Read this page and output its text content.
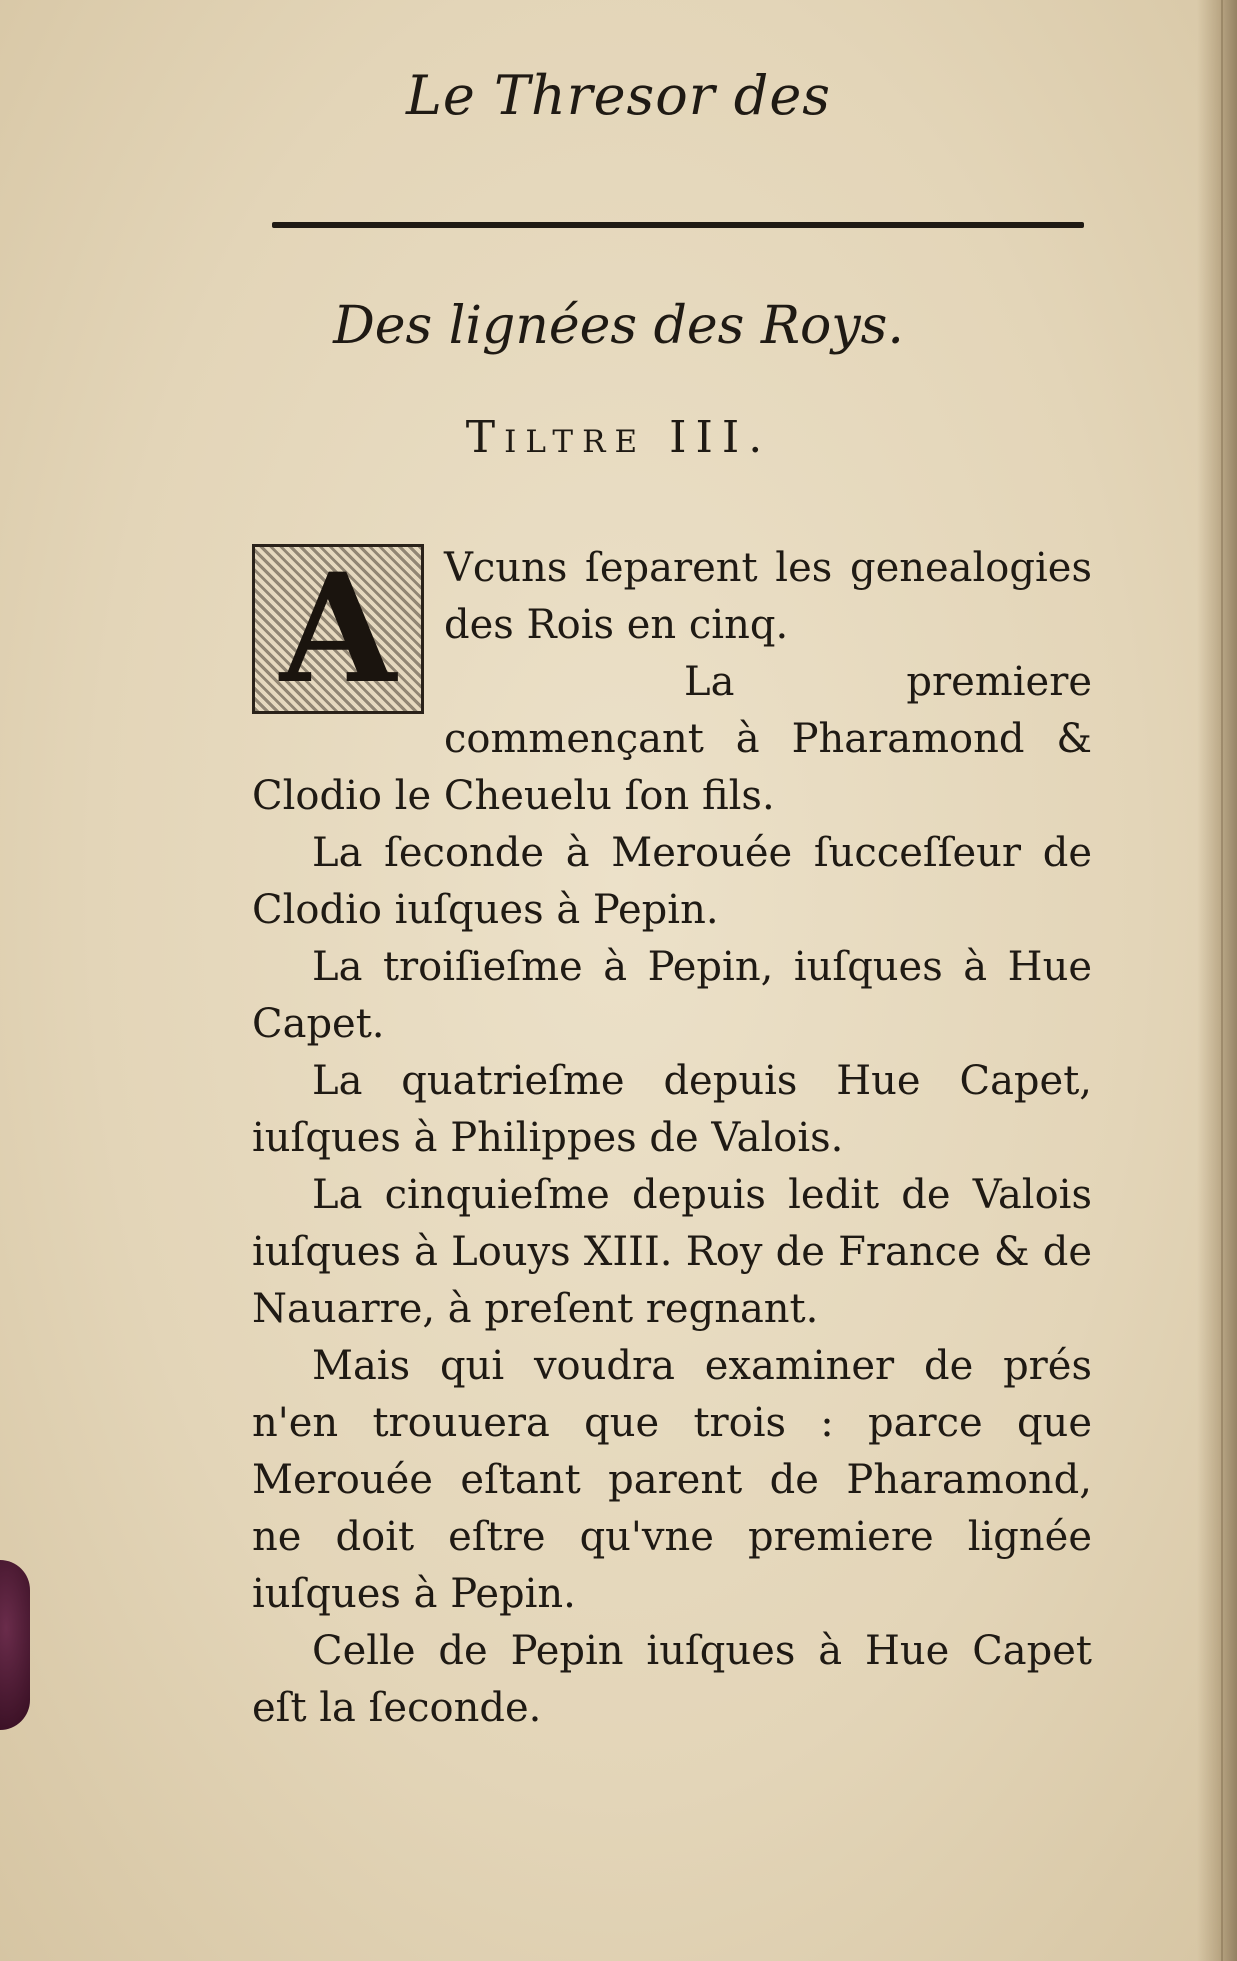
Le Thresor des
Des lignées des Roys.
Tiltre III.
A	Vcuns ſeparent les genealogies des Rois en cinq.

La premiere commençant à Pharamond & Clodio le Cheuelu ſon fils.

La ſeconde à Merouée ſucceſſeur de Clodio iuſques à Pepin.

La troiſieſme à Pepin, iuſques à Hue Capet.

La quatrieſme depuis Hue Capet, iuſques à Philippes de Valois.

La cinquieſme depuis ledit de Valois iuſques à Louys XIII. Roy de France & de Nauarre, à preſent regnant.

Mais qui voudra examiner de prés n'en trouuera que trois : parce que Merouée eſtant parent de Pharamond, ne doit eſtre qu'vne premiere lignée iuſques à Pepin.

Celle de Pepin iuſques à Hue Capet eſt la ſeconde.
